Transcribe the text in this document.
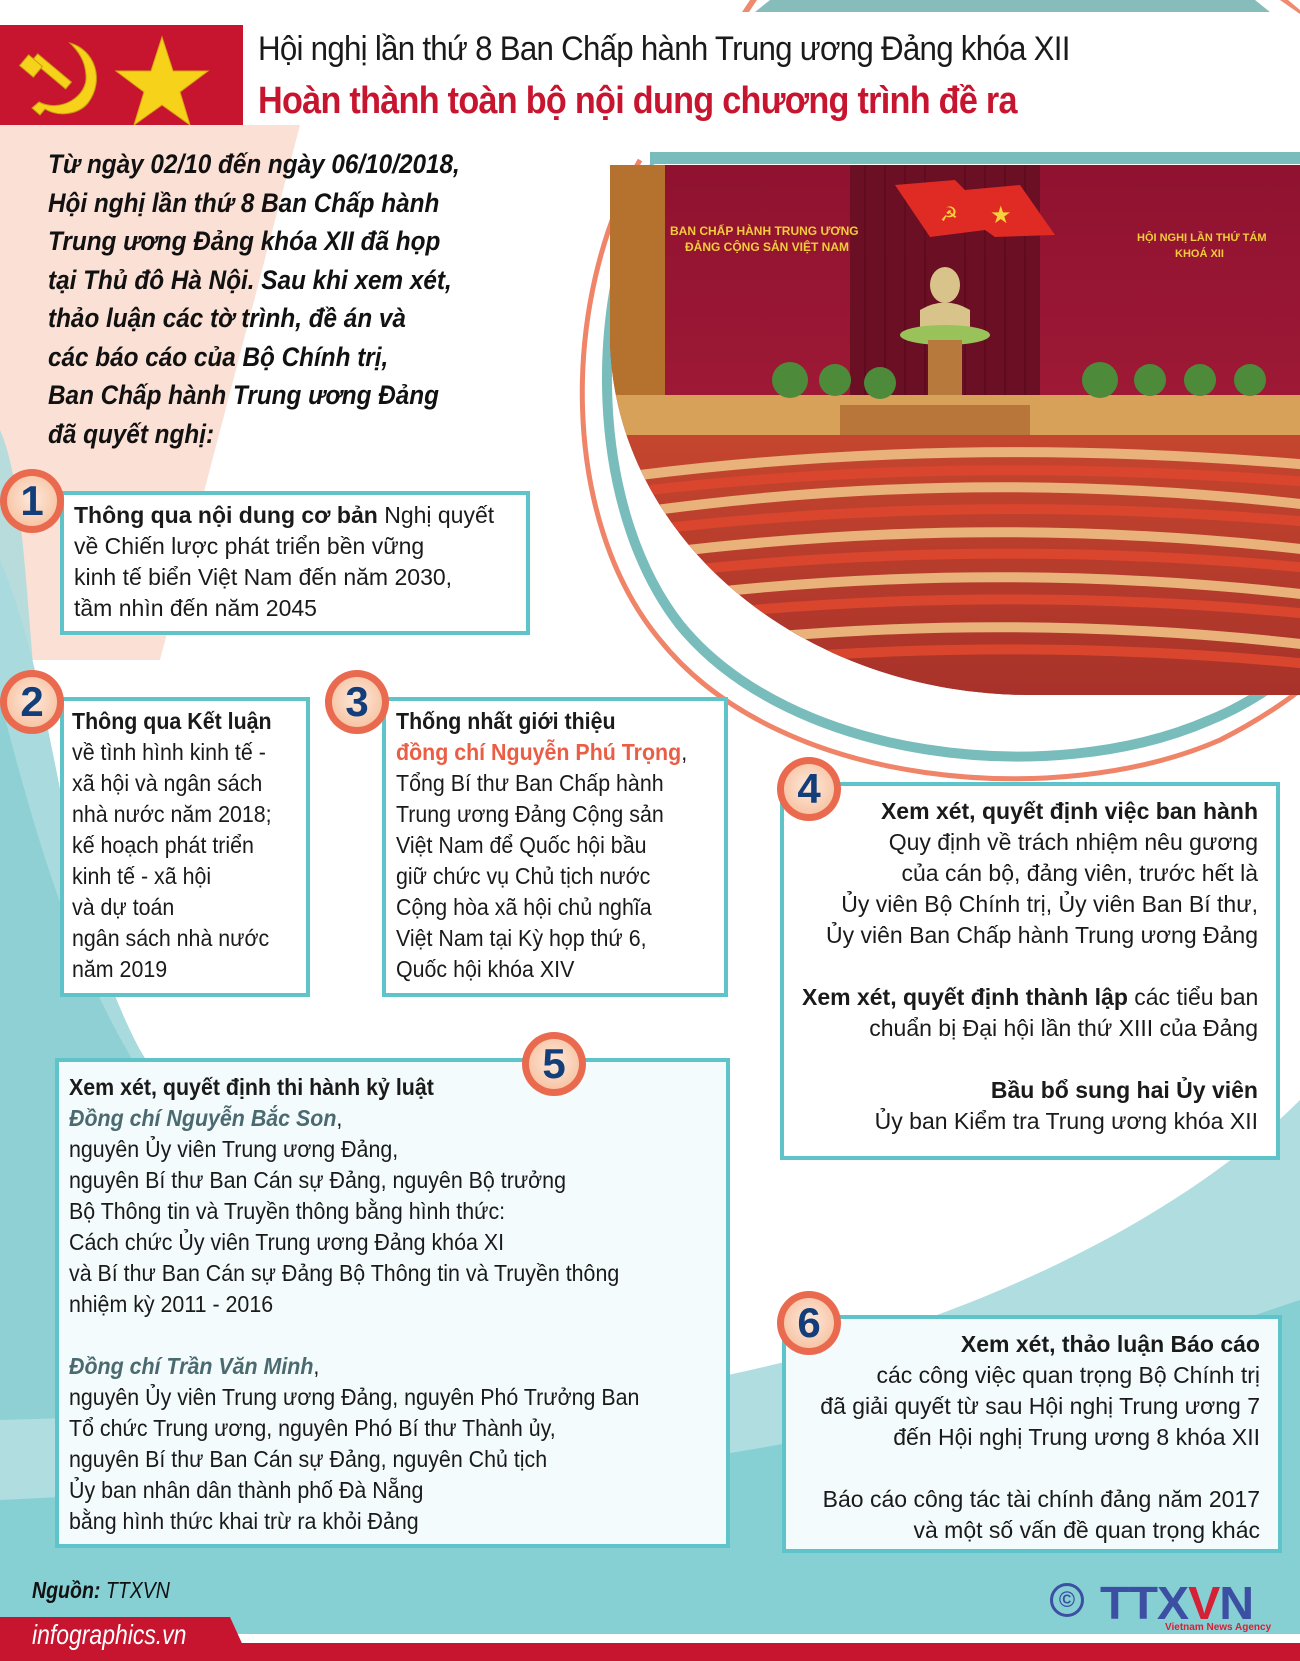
Hội nghị lần thứ 8 Ban Chấp hành Trung ương Đảng khóa XII
Hoàn thành toàn bộ nội dung chương trình đề ra
Từ ngày 02/10 đến ngày 06/10/2018,
Hội nghị lần thứ 8 Ban Chấp hành
Trung ương Đảng khóa XII đã họp
tại Thủ đô Hà Nội. Sau khi xem xét,
thảo luận các tờ trình, đề án và
các báo cáo của Bộ Chính trị,
Ban Chấp hành Trung ương Đảng
đã quyết nghị:
☭ ★
BAN CHẤP HÀNH TRUNG ƯƠNG
ĐẢNG CỘNG SẢN VIỆT NAM
HỘI NGHỊ LẦN THỨ TÁM
KHOÁ XII
1	Thông qua nội dung cơ bản Nghị quyết
về Chiến lược phát triển bền vững
kinh tế biển Việt Nam đến năm 2030,
tầm nhìn đến năm 2045
2	Thông qua Kết luận
về tình hình kinh tế -
xã hội và ngân sách
nhà nước năm 2018;
kế hoạch phát triển
kinh tế - xã hội
và dự toán
ngân sách nhà nước
năm 2019
3	Thống nhất giới thiệu
đồng chí Nguyễn Phú Trọng,
Tổng Bí thư Ban Chấp hành
Trung ương Đảng Cộng sản
Việt Nam để Quốc hội bầu
giữ chức vụ Chủ tịch nước
Cộng hòa xã hội chủ nghĩa
Việt Nam tại Kỳ họp thứ 6,
Quốc hội khóa XIV
4	Xem xét, quyết định việc ban hành
Quy định về trách nhiệm nêu gương
của cán bộ, đảng viên, trước hết là
Ủy viên Bộ Chính trị, Ủy viên Ban Bí thư,
Ủy viên Ban Chấp hành Trung ương Đảng
Xem xét, quyết định thành lập các tiểu ban
chuẩn bị Đại hội lần thứ XIII của Đảng
Bầu bổ sung hai Ủy viên
Ủy ban Kiểm tra Trung ương khóa XII
Xem xét, quyết định thi hành kỷ luật
Đồng chí Nguyễn Bắc Son,
nguyên Ủy viên Trung ương Đảng,
nguyên Bí thư Ban Cán sự Đảng, nguyên Bộ trưởng
Bộ Thông tin và Truyền thông bằng hình thức:
Cách chức Ủy viên Trung ương Đảng khóa XI
và Bí thư Ban Cán sự Đảng Bộ Thông tin và Truyền thông
nhiệm kỳ 2011 - 2016
Đồng chí Trần Văn Minh,
nguyên Ủy viên Trung ương Đảng, nguyên Phó Trưởng Ban
Tổ chức Trung ương, nguyên Phó Bí thư Thành ủy,
nguyên Bí thư Ban Cán sự Đảng, nguyên Chủ tịch
Ủy ban nhân dân thành phố Đà Nẵng
bằng hình thức khai trừ ra khỏi Đảng
5
6	Xem xét, thảo luận Báo cáo
các công việc quan trọng Bộ Chính trị
đã giải quyết từ sau Hội nghị Trung ương 7
đến Hội nghị Trung ương 8 khóa XII
Báo cáo công tác tài chính đảng năm 2017
và một số vấn đề quan trọng khác
Nguồn: TTXVN
infographics.vn
© TTXVN
Vietnam News Agency
